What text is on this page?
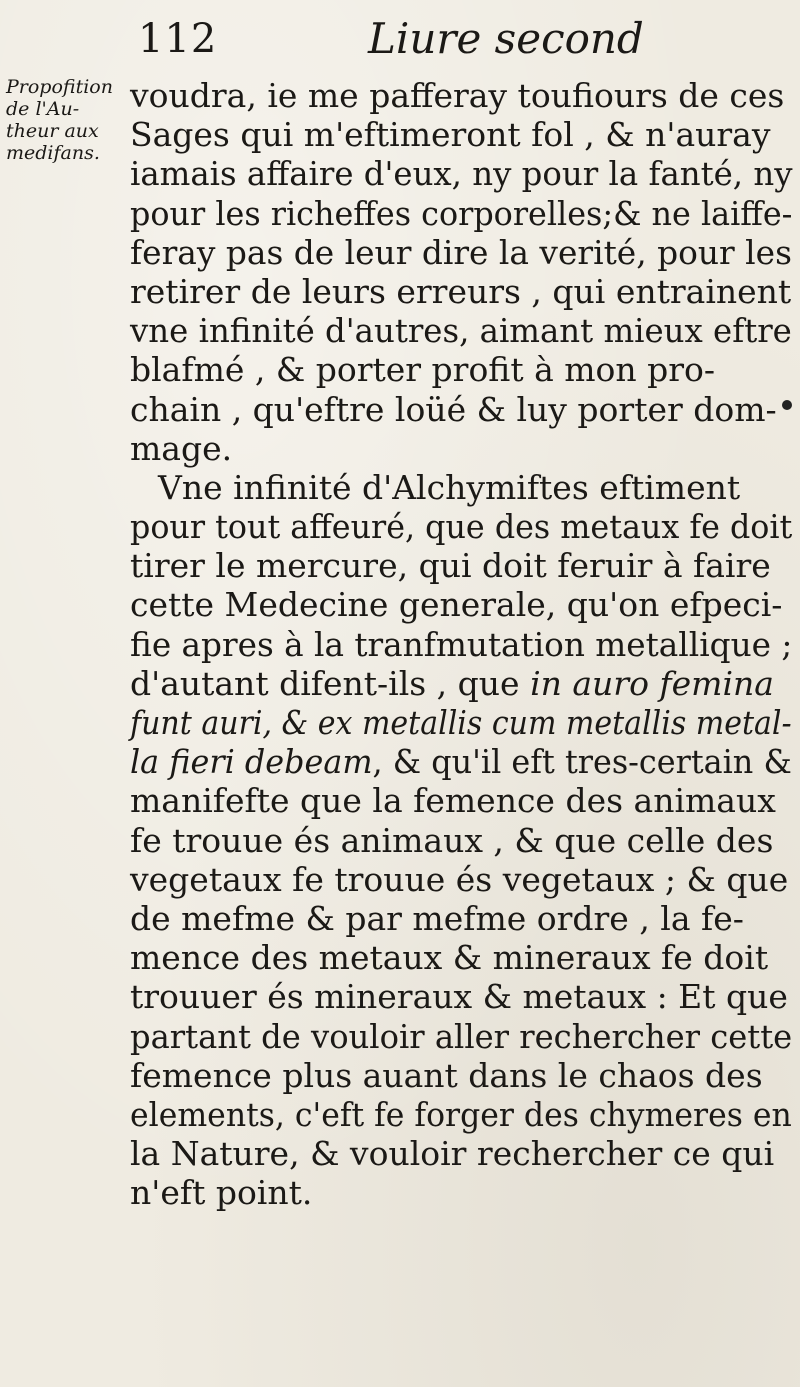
112	Liure second
Propofition
de l'Au-
theur aux
medifans.
voudra, ie me pafferay toufiours de ces
Sages qui m'eftimeront fol , & n'auray
iamais affaire d'eux, ny pour la fanté, ny
pour les richeffes corporelles;& ne laiffe-
feray pas de leur dire la verité, pour les
retirer de leurs erreurs , qui entrainent
vne infinité d'autres, aimant mieux eftre
blafmé , & porter profit à mon pro-
chain , qu'eftre loüé & luy porter dom-
mage.
Vne infinité d'Alchymiftes eftiment
pour tout affeuré, que des metaux fe doit
tirer le mercure, qui doit feruir à faire
cette Medecine generale, qu'on efpeci-
fie apres à la tranfmutation metallique ;
d'autant difent-ils , que in auro femina
funt auri, & ex metallis cum metallis metal-
la fieri debeam, & qu'il eft tres-certain &
manifefte que la femence des animaux
fe trouue és animaux , & que celle des
vegetaux fe trouue és vegetaux ; & que
de mefme & par mefme ordre , la fe-
mence des metaux & mineraux fe doit
trouuer és mineraux & metaux : Et que
partant de vouloir aller rechercher cette
femence plus auant dans le chaos des
elements, c'eft fe forger des chymeres en
la Nature, & vouloir rechercher ce qui
n'eft point.
